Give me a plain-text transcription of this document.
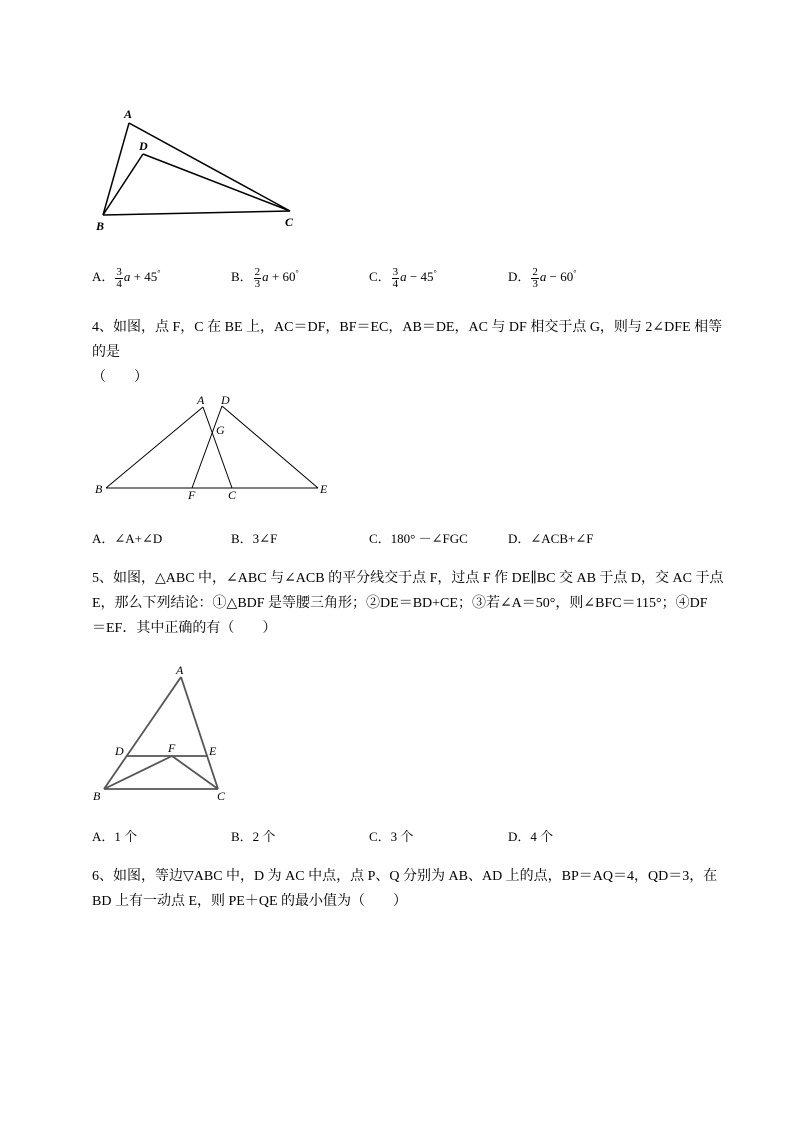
A
D
B	C
A． $\frac{3}{4}$ a + 45°	B． $\frac{2}{3}$ a + 60°	C． $\frac{3}{4}$ a − 45°	D． $\frac{2}{3}$ a − 60°
4、如图，点 F，C 在 BE 上，AC＝DF，BF＝EC，AB＝DE，AC 与 DF 相交于点 G，则与 2∠DFE 相等的是
（　　）
A D
G
B	F	C	E
A．∠A+∠D	B．3∠F	C．180° －∠FGC	D．∠ACB+∠F
5、如图，△ABC 中，∠ABC 与∠ACB 的平分线交于点 F，过点 F 作 DE∥BC 交 AB 于点 D，交 AC 于点
E，那么下列结论：①△BDF 是等腰三角形；②DE＝BD+CE；③若∠A＝50°，则∠BFC＝115°；④DF
＝EF．其中正确的有（　　）
A
D	F	E
B	C
A．1 个	B．2 个	C．3 个	D．4 个
6、如图，等边▽ABC 中，D 为 AC 中点，点 P、Q 分别为 AB、AD 上的点，BP＝AQ＝4，QD＝3，在
BD 上有一动点 E，则 PE＋QE 的最小值为（　　）
